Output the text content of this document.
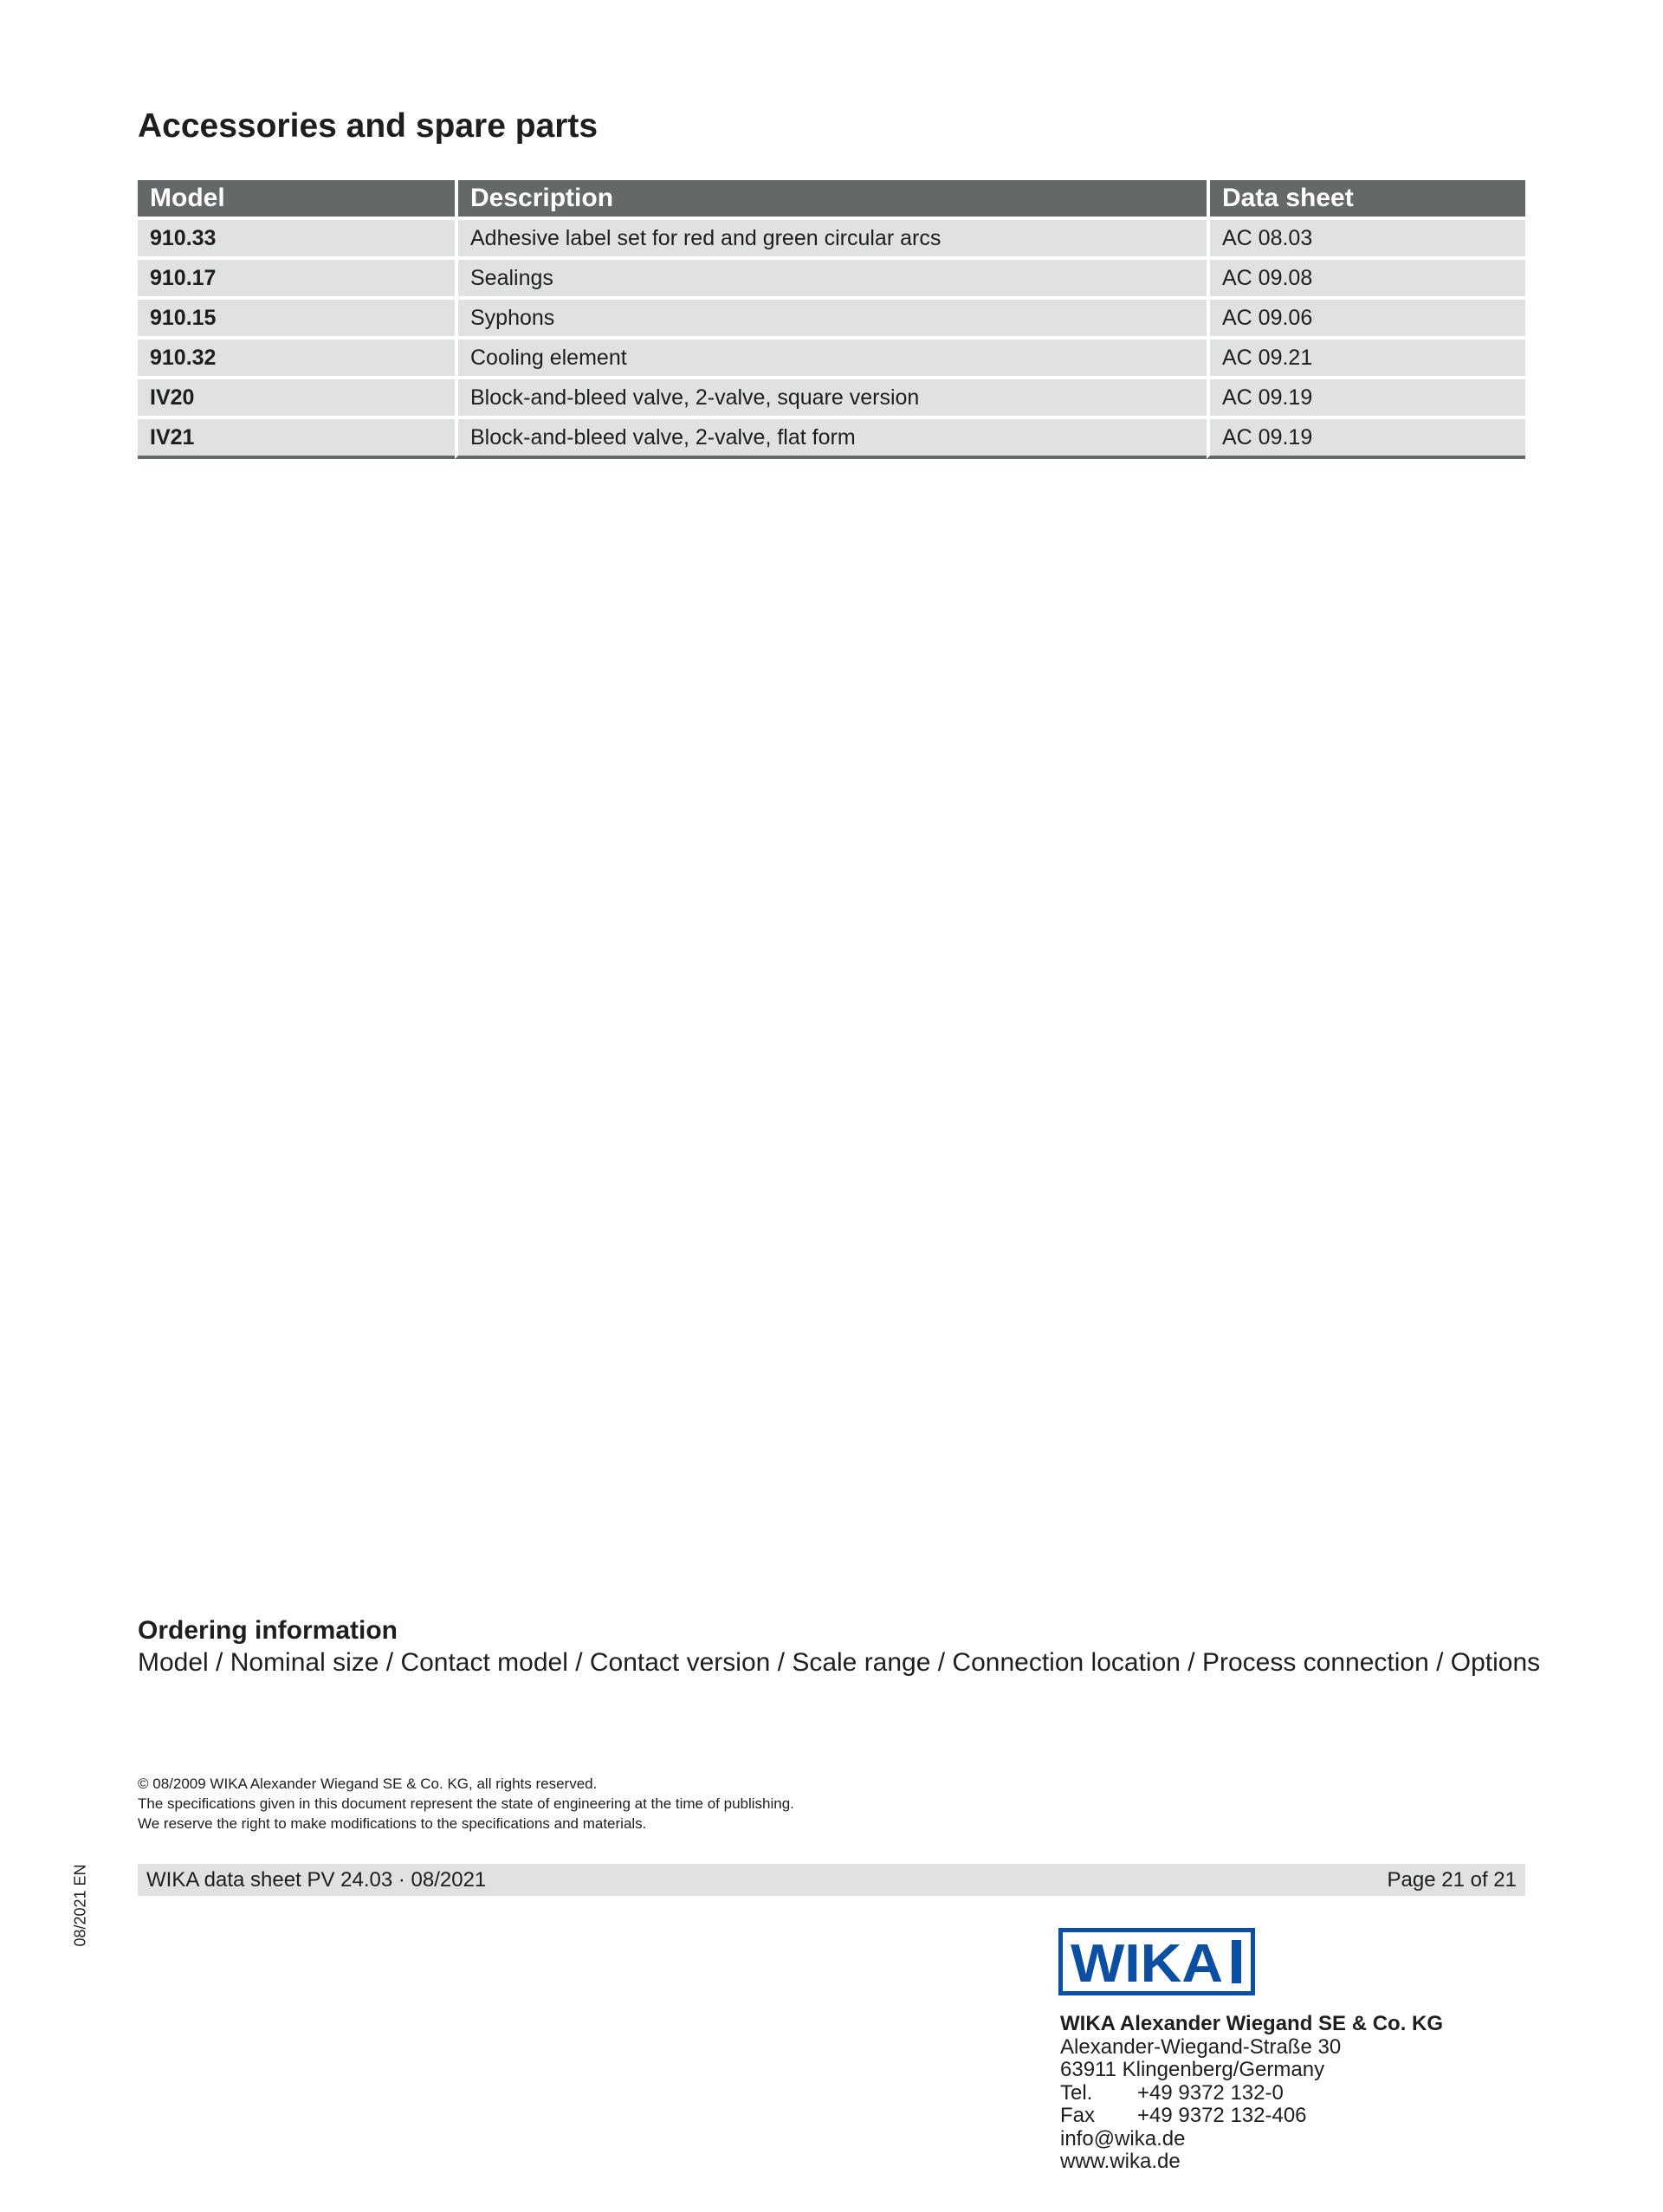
Accessories and spare parts
Model	Description	Data sheet
910.33	Adhesive label set for red and green circular arcs	AC 08.03
910.17	Sealings	AC 09.08
910.15	Syphons	AC 09.06
910.32	Cooling element	AC 09.21
IV20	Block-and-bleed valve, 2-valve, square version	AC 09.19
IV21	Block-and-bleed valve, 2-valve, flat form	AC 09.19
Ordering information
Model / Nominal size / Contact model / Contact version / Scale range / Connection location / Process connection / Options
© 08/2009 WIKA Alexander Wiegand SE & Co. KG, all rights reserved.
The specifications given in this document represent the state of engineering at the time of publishing.
We reserve the right to make modifications to the specifications and materials.
08/2021 EN	WIKA data sheet PV 24.03 · 08/2021	Page 21 of 21
WIKA
WIKA Alexander Wiegand SE & Co. KG
Alexander-Wiegand-Straße 30
63911 Klingenberg/Germany
Tel. +49 9372 132-0
Fax +49 9372 132-406
info@wika.de
www.wika.de
